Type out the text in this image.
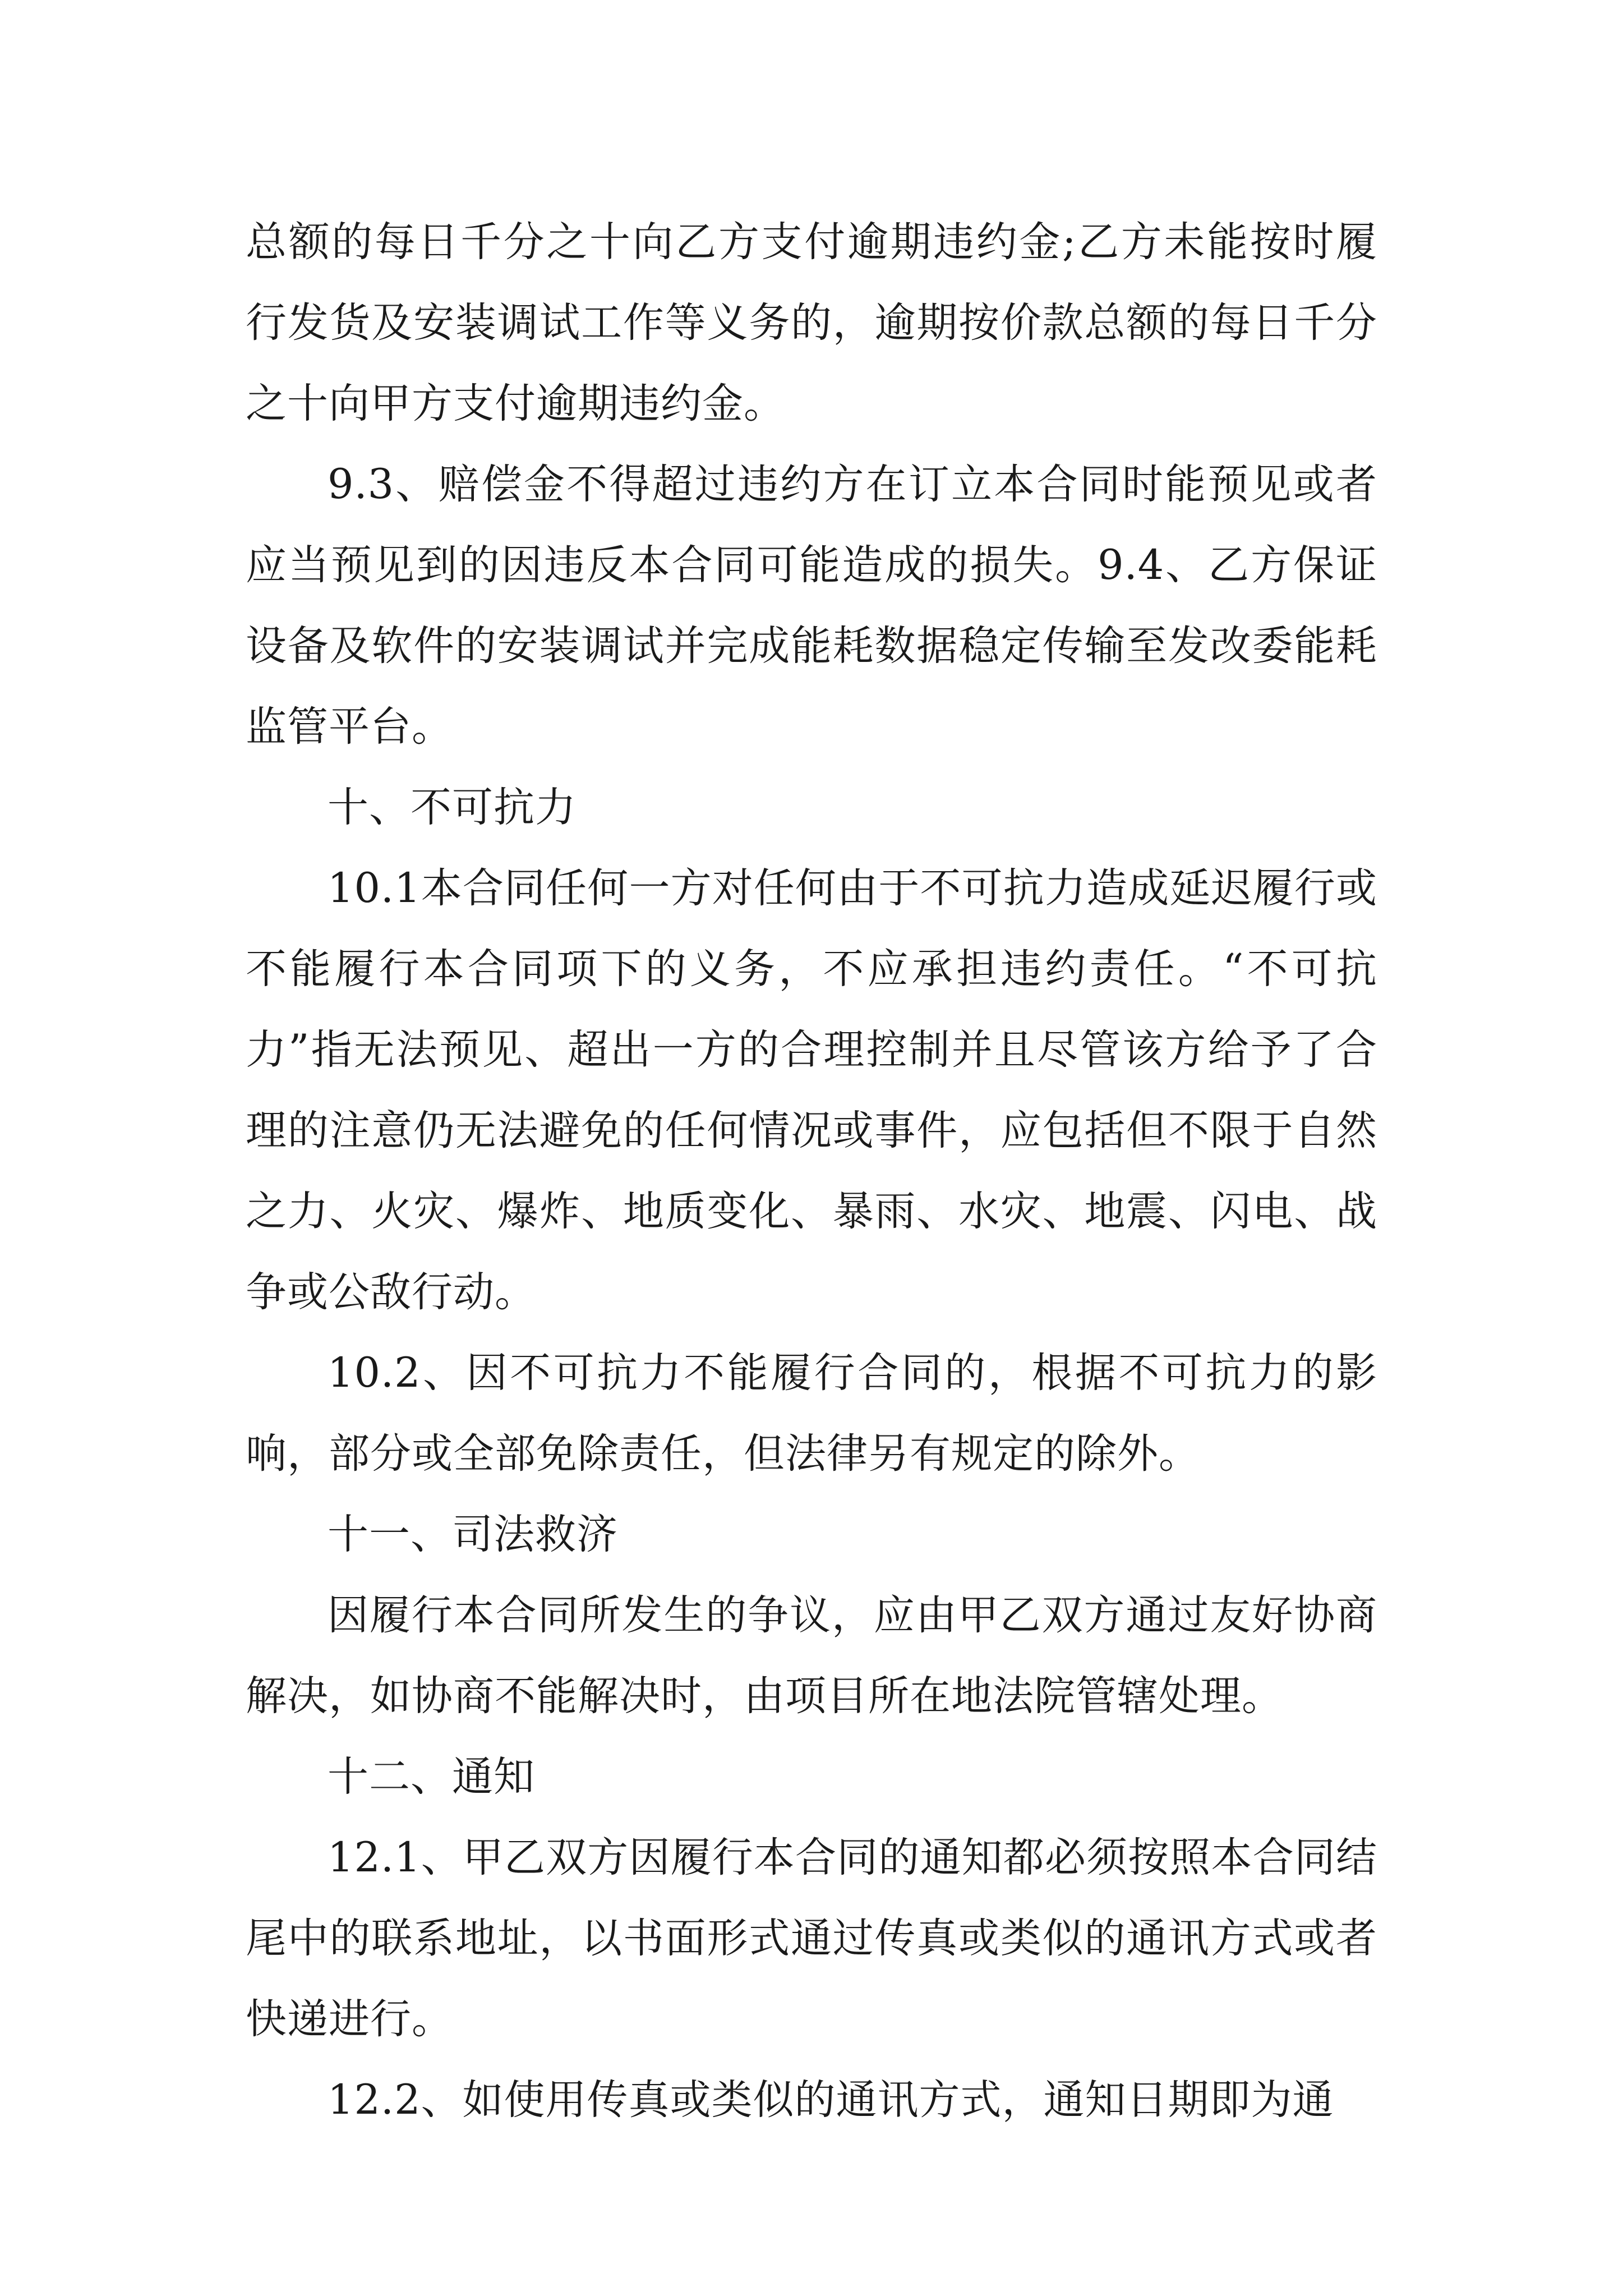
总额的每日千分之十向乙方支付逾期违约金;乙方未能按时履行发货及安装调试工作等义务的，逾期按价款总额的每日千分之十向甲方支付逾期违约金。

9.3、赔偿金不得超过违约方在订立本合同时能预见或者应当预见到的因违反本合同可能造成的损失。9.4、乙方保证设备及软件的安装调试并完成能耗数据稳定传输至发改委能耗监管平台。

十、不可抗力

10.1本合同任何一方对任何由于不可抗力造成延迟履行或不能履行本合同项下的义务，不应承担违约责任。“不可抗力”指无法预见、超出一方的合理控制并且尽管该方给予了合理的注意仍无法避免的任何情况或事件，应包括但不限于自然之力、火灾、爆炸、地质变化、暴雨、水灾、地震、闪电、战争或公敌行动。

10.2、因不可抗力不能履行合同的，根据不可抗力的影响，部分或全部免除责任，但法律另有规定的除外。

十一、司法救济

因履行本合同所发生的争议，应由甲乙双方通过友好协商解决，如协商不能解决时，由项目所在地法院管辖处理。

十二、通知

12.1、甲乙双方因履行本合同的通知都必须按照本合同结尾中的联系地址，以书面形式通过传真或类似的通讯方式或者快递进行。

12.2、如使用传真或类似的通讯方式，通知日期即为通
